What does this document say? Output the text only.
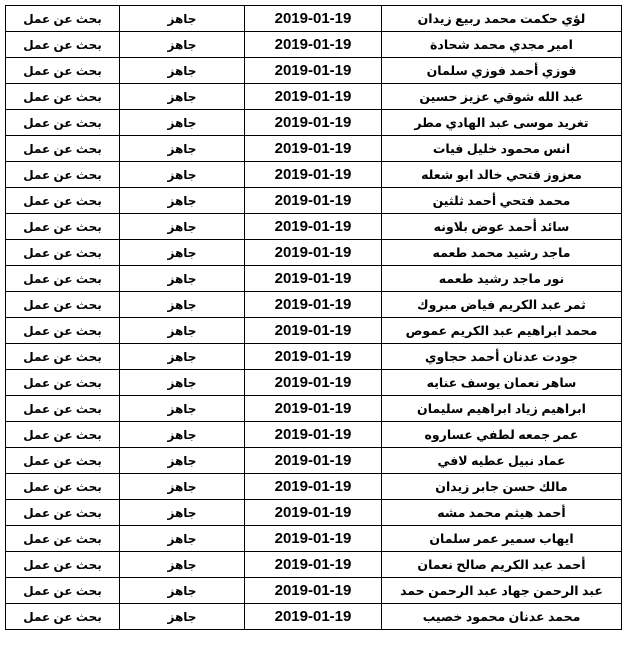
لؤي حكمت محمد ربيع زيدان	2019-01-19	جاهز	بحث عن عمل
امير مجدي محمد شحادة	2019-01-19	جاهز	بحث عن عمل
فوزي أحمد فوزي سلمان	2019-01-19	جاهز	بحث عن عمل
عبد الله شوقي عزيز حسين	2019-01-19	جاهز	بحث عن عمل
تغريد موسى عبد الهادي مطر	2019-01-19	جاهز	بحث عن عمل
انس محمود خليل فيات	2019-01-19	جاهز	بحث عن عمل
معزوز فتحي خالد ابو شعله	2019-01-19	جاهز	بحث عن عمل
محمد فتحي أحمد ثلثين	2019-01-19	جاهز	بحث عن عمل
سائد أحمد عوض بلاونه	2019-01-19	جاهز	بحث عن عمل
ماجد رشيد محمد طعمه	2019-01-19	جاهز	بحث عن عمل
نور ماجد رشيد طعمه	2019-01-19	جاهز	بحث عن عمل
ثمر عبد الكريم فياض مبروك	2019-01-19	جاهز	بحث عن عمل
محمد ابراهيم عبد الكريم عموص	2019-01-19	جاهز	بحث عن عمل
جودت عدنان أحمد حجاوي	2019-01-19	جاهز	بحث عن عمل
ساهر نعمان يوسف عنايه	2019-01-19	جاهز	بحث عن عمل
ابراهيم زياد ابراهيم سليمان	2019-01-19	جاهز	بحث عن عمل
عمر جمعه لطفي عساروه	2019-01-19	جاهز	بحث عن عمل
عماد نبيل عطيه لافي	2019-01-19	جاهز	بحث عن عمل
مالك حسن جابر زيدان	2019-01-19	جاهز	بحث عن عمل
أحمد هيثم محمد مشه	2019-01-19	جاهز	بحث عن عمل
ايهاب سمير عمر سلمان	2019-01-19	جاهز	بحث عن عمل
أحمد عبد الكريم صالح نعمان	2019-01-19	جاهز	بحث عن عمل
عبد الرحمن جهاد عبد الرحمن حمد	2019-01-19	جاهز	بحث عن عمل
محمد عدنان محمود خصيب	2019-01-19	جاهز	بحث عن عمل
